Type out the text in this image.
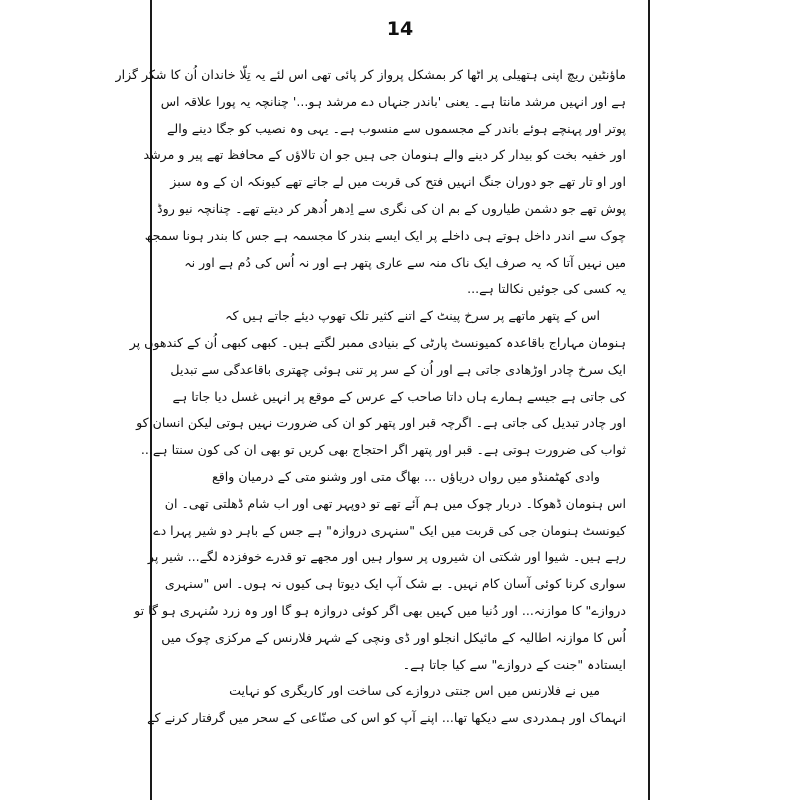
14
ماؤنٹین ریچ اپنی ہتھیلی پر اٹھا کر بمشکل پرواز کر پائی تھی اس لئے یہ تِلّا خاندان اُن کا شکر گزار
ہے اور انہیں مرشد مانتا ہے۔ یعنی 'باندر جنہاں دے مرشد ہو...' چنانچہ یہ پورا علاقہ اس
پوتر اور پہنچے ہوئے باندر کے مجسموں سے منسوب ہے۔ یہی وہ نصیب کو جگا دینے والے
اور خفیہ بخت کو بیدار کر دینے والے ہنومان جی ہیں جو ان تالاؤں کے محافظ تھے پیر و مرشد
اور او تار تھے جو دوران جنگ انہیں فتح کی قربت میں لے جاتے تھے کیونکہ ان کے وہ سبز
پوش تھے جو دشمن طیاروں کے بم ان کی نگری سے اِدھر اُدھر کر دیتے تھے۔ چنانچہ نیو روڈ
چوک سے اندر داخل ہوتے ہی داخلے پر ایک ایسے بندر کا مجسمہ ہے جس کا بندر ہونا سمجھ
میں نہیں آتا کہ یہ صرف ایک ناک منہ سے عاری پتھر ہے اور نہ اُس کی دُم ہے اور نہ
یہ کسی کی جوئیں نکالتا ہے...
اس کے پتھر ماتھے پر سرخ پینٹ کے اتنے کثیر تلک تھوپ دیئے جاتے ہیں کہ
ہنومان مہاراج باقاعدہ کمیونسٹ پارٹی کے بنیادی ممبر لگتے ہیں۔ کبھی کبھی اُن کے کندھوں پر
ایک سرخ چادر اوڑھادی جاتی ہے اور اُن کے سر پر تنی ہوئی چھتری باقاعدگی سے تبدیل
کی جاتی ہے جیسے ہمارے ہاں داتا صاحب کے عرس کے موقع پر انہیں غسل دیا جاتا ہے
اور چادر تبدیل کی جاتی ہے۔ اگرچہ قبر اور پتھر کو ان کی ضرورت نہیں ہوتی لیکن انسان کو
ثواب کی ضرورت ہوتی ہے۔ قبر اور پتھر اگر احتجاج بھی کریں تو بھی ان کی کون سنتا ہے...
وادی کھٹمنڈو میں رواں دریاؤں ... بھاگ متی اور وشنو متی کے درمیان واقع
اس ہنومان ڈھوکا۔ دربار چوک میں ہم آئے تھے تو دوپہر تھی اور اب شام ڈھلتی تھی۔ ان
کیونسٹ ہنومان جی کی قربت میں ایک "سنہری دروازہ" ہے جس کے باہر دو شیر پہرا دے
رہے ہیں۔ شیوا اور شکتی ان شیروں پر سوار ہیں اور مجھے تو قدرے خوفزدہ لگے... شیر پر
سواری کرنا کوئی آسان کام نہیں۔ بے شک آپ ایک دیوتا ہی کیوں نہ ہوں۔ اس "سنہری
دروازے" کا موازنہ... اور دُنیا میں کہیں بھی اگر کوئی دروازہ ہو گا اور وہ زرد سُنہری ہو گا تو
اُس کا موازنہ اطالیہ کے مائیکل انجلو اور ڈی ونچی کے شہر فلارنس کے مرکزی چوک میں
ایستادہ "جنت کے دروازے" سے کیا جاتا ہے۔
میں نے فلارنس میں اس جنتی دروازے کی ساخت اور کاریگری کو نہایت
انہماک اور ہمدردی سے دیکھا تھا... اپنے آپ کو اس کی صنّاعی کے سحر میں گرفتار کرنے کے
